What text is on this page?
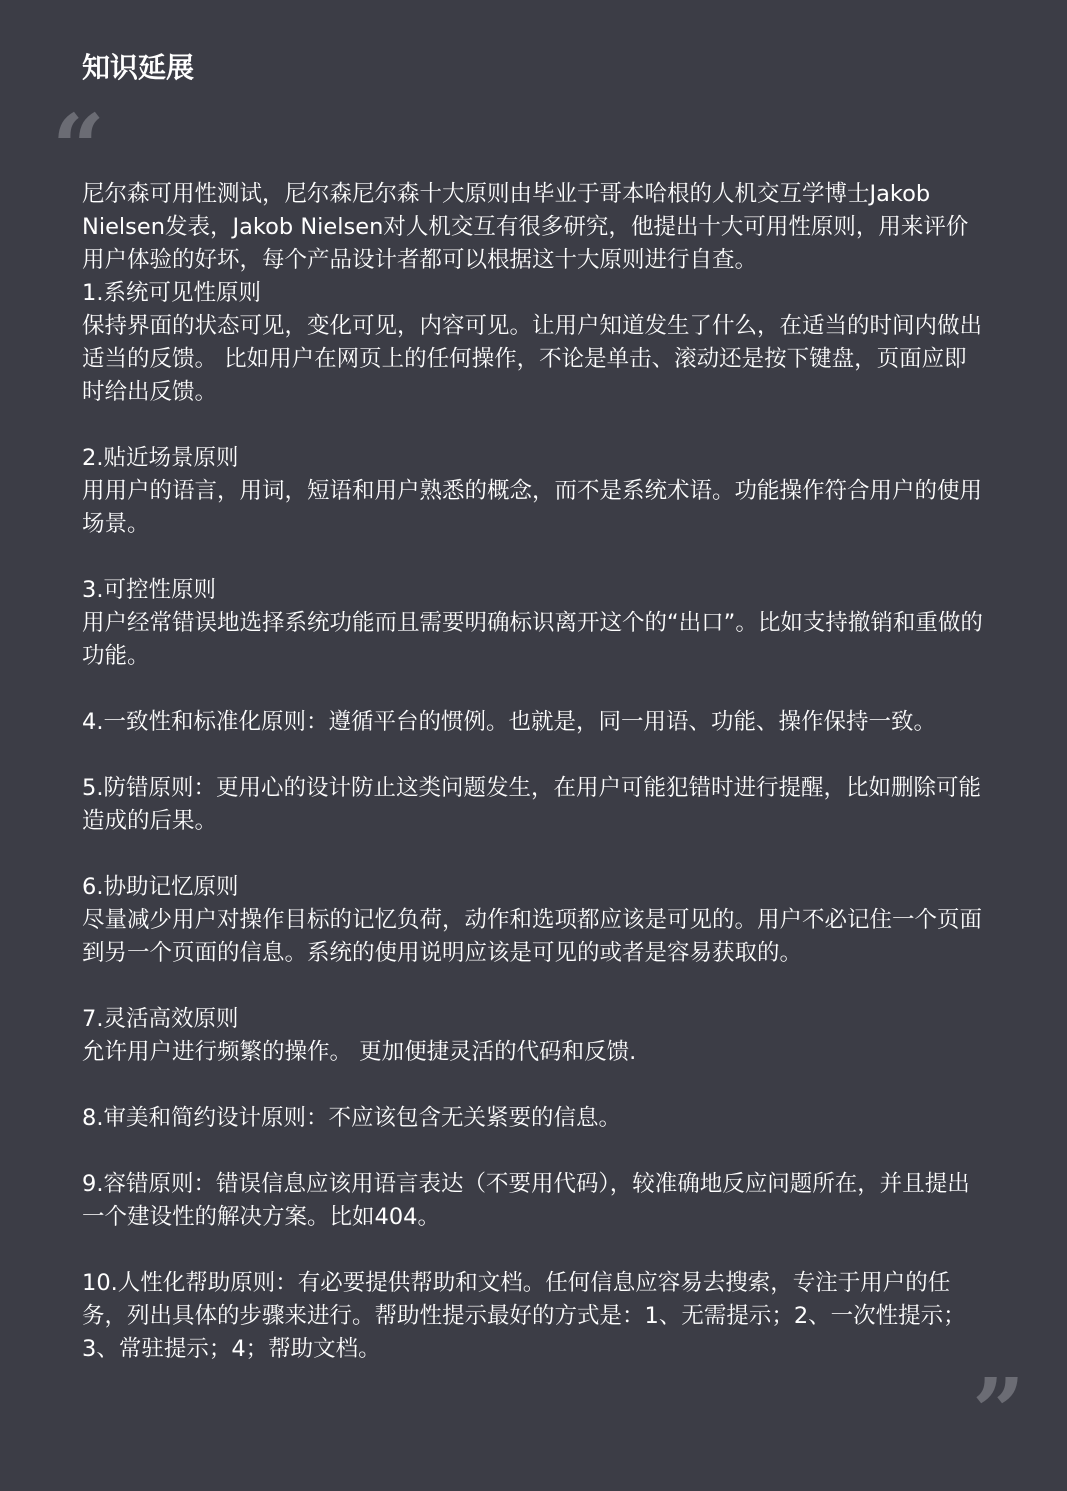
知识延展
“

尼尔森可用性测试，尼尔森尼尔森十大原则由毕业于哥本哈根的人机交互学博士Jakob Nielsen发表，Jakob Nielsen对人机交互有很多研究，他提出十大可用性原则，用来评价用户体验的好坏，每个产品设计者都可以根据这十大原则进行自查。

1.系统可见性原则

保持界面的状态可见，变化可见，内容可见。让用户知道发生了什么，在适当的时间内做出适当的反馈。 比如用户在网页上的任何操作，不论是单击、滚动还是按下键盘，页面应即时给出反馈。

2.贴近场景原则

用用户的语言，用词，短语和用户熟悉的概念，而不是系统术语。功能操作符合用户的使用场景。

3.可控性原则

用户经常错误地选择系统功能而且需要明确标识离开这个的“出口”。比如支持撤销和重做的功能。

4.一致性和标准化原则：遵循平台的惯例。也就是，同一用语、功能、操作保持一致。

5.防错原则：更用心的设计防止这类问题发生，在用户可能犯错时进行提醒，比如删除可能造成的后果。

6.协助记忆原则

尽量减少用户对操作目标的记忆负荷，动作和选项都应该是可见的。用户不必记住一个页面到另一个页面的信息。系统的使用说明应该是可见的或者是容易获取的。

7.灵活高效原则

允许用户进行频繁的操作。 更加便捷灵活的代码和反馈.

8.审美和简约设计原则：不应该包含无关紧要的信息。

9.容错原则：错误信息应该用语言表达（不要用代码），较准确地反应问题所在，并且提出一个建设性的解决方案。比如404。

10.人性化帮助原则：有必要提供帮助和文档。任何信息应容易去搜索，专注于用户的任务，列出具体的步骤来进行。帮助性提示最好的方式是：1、无需提示；2、一次性提示；3、常驻提示；4；帮助文档。

”
